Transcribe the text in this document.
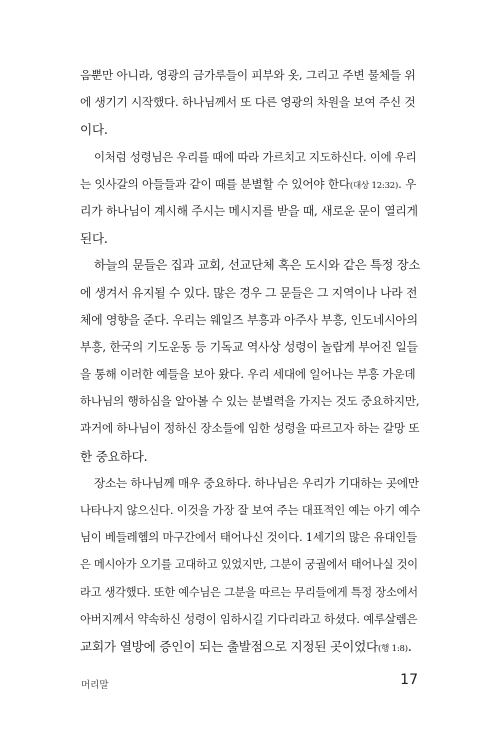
음뿐만 아니라, 영광의 금가루들이 피부와 옷, 그리고 주변 물체들 위
에 생기기 시작했다. 하나님께서 또 다른 영광의 차원을 보여 주신 것
이다.
이처럼 성령님은 우리를 때에 따라 가르치고 지도하신다. 이에 우리
는 잇사갈의 아들들과 같이 때를 분별할 수 있어야 한다(대상 12:32). 우
리가 하나님이 계시해 주시는 메시지를 받을 때, 새로운 문이 열리게
된다.
하늘의 문들은 집과 교회, 선교단체 혹은 도시와 같은 특정 장소
에 생겨서 유지될 수 있다. 많은 경우 그 문들은 그 지역이나 나라 전
체에 영향을 준다. 우리는 웨일즈 부흥과 아주사 부흥, 인도네시아의
부흥, 한국의 기도운동 등 기독교 역사상 성령이 놀랍게 부어진 일들
을 통해 이러한 예들을 보아 왔다. 우리 세대에 일어나는 부흥 가운데
하나님의 행하심을 알아볼 수 있는 분별력을 가지는 것도 중요하지만,
과거에 하나님이 정하신 장소들에 임한 성령을 따르고자 하는 갈망 또
한 중요하다.
장소는 하나님께 매우 중요하다. 하나님은 우리가 기대하는 곳에만
나타나지 않으신다. 이것을 가장 잘 보여 주는 대표적인 예는 아기 예수
님이 베들레헴의 마구간에서 태어나신 것이다. 1세기의 많은 유대인들
은 메시아가 오기를 고대하고 있었지만, 그분이 궁궐에서 태어나실 것이
라고 생각했다. 또한 예수님은 그분을 따르는 무리들에게 특정 장소에서
아버지께서 약속하신 성령이 임하시길 기다리라고 하셨다. 예루살렘은
교회가 열방에 증인이 되는 출발점으로 지정된 곳이었다(행 1:8).
머리말	17
